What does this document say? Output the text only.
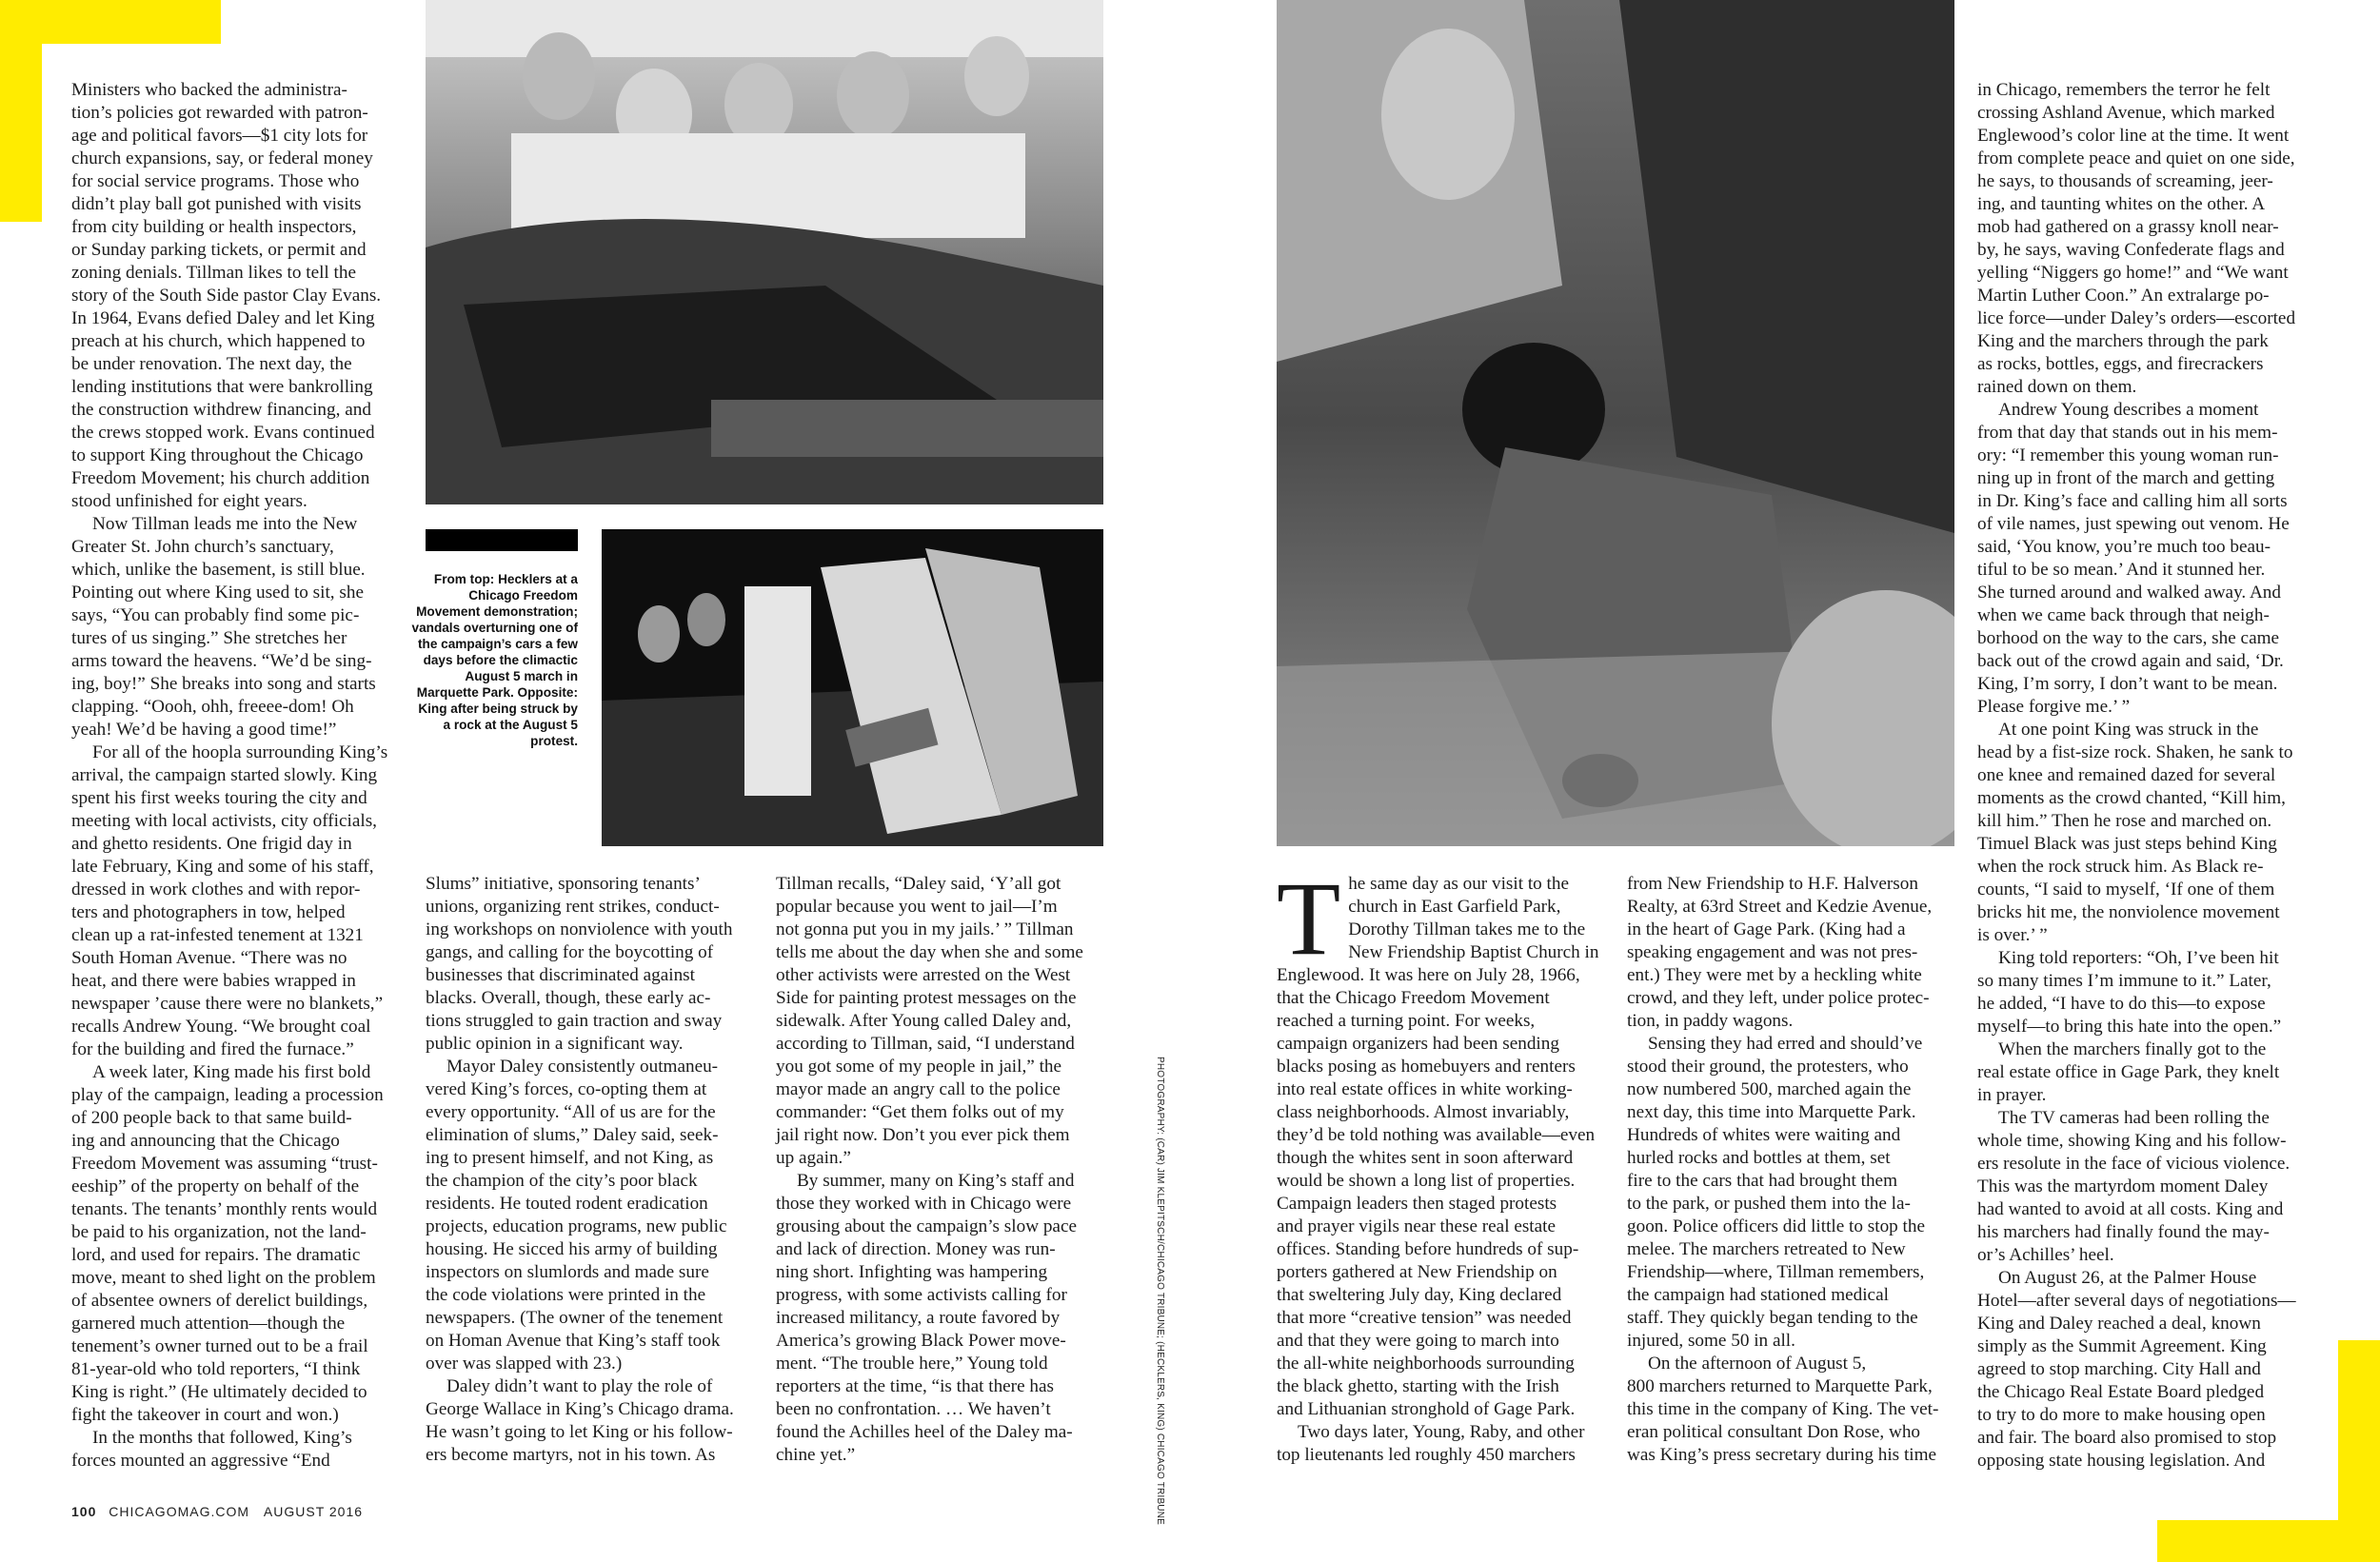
From top: Hecklers at a Chicago Freedom Movement demonstration; vandals overturning one of the campaign’s cars a few days before the climactic August 5 march in Marquette Park. Opposite: King after being struck by a rock at the August 5 protest.
PHOTOGRAPHY: (CAR) JIM KLEPITSCH/CHICAGO TRIBUNE; (HECKLERS, KING) CHICAGO TRIBUNE

Ministers who backed the administra-
tion’s policies got rewarded with patron-
age and political favors—$1 city lots for
church expansions, say, or federal money
for social service programs. Those who
didn’t play ball got punished with visits
from city building or health inspectors,
or Sunday parking tickets, or permit and
zoning denials. Tillman likes to tell the
story of the South Side pastor Clay Evans.
In 1964, Evans defied Daley and let King
preach at his church, which happened to
be under renovation. The next day, the
lending institutions that were bankrolling
the construction withdrew financing, and
the crews stopped work. Evans continued
to support King throughout the Chicago
Freedom Movement; his church addition
stood unfinished for eight years.

Now Tillman leads me into the New
Greater St. John church’s sanctuary,
which, unlike the basement, is still blue.
Pointing out where King used to sit, she
says, “You can probably find some pic-
tures of us singing.” She stretches her
arms toward the heavens. “We’d be sing-
ing, boy!” She breaks into song and starts
clapping. “Oooh, ohh, freeee-dom! Oh
yeah! We’d be having a good time!”

For all of the hoopla surrounding King’s
arrival, the campaign started slowly. King
spent his first weeks touring the city and
meeting with local activists, city officials,
and ghetto residents. One frigid day in
late February, King and some of his staff,
dressed in work clothes and with repor-
ters and photographers in tow, helped
clean up a rat-infested tenement at 1321
South Homan Avenue. “There was no
heat, and there were babies wrapped in
newspaper ’cause there were no blankets,”
recalls Andrew Young. “We brought coal
for the building and fired the furnace.”

A week later, King made his first bold
play of the campaign, leading a procession
of 200 people back to that same build-
ing and announcing that the Chicago
Freedom Movement was assuming “trust-
eeship” of the property on behalf of the
tenants. The tenants’ monthly rents would
be paid to his organization, not the land-
lord, and used for repairs. The dramatic
move, meant to shed light on the problem
of absentee owners of derelict buildings,
garnered much attention—though the
tenement’s owner turned out to be a frail
81-year-old who told reporters, “I think
King is right.” (He ultimately decided to
fight the takeover in court and won.)

In the months that followed, King’s
forces mounted an aggressive “End

Slums” initiative, sponsoring tenants’
unions, organizing rent strikes, conduct-
ing workshops on nonviolence with youth
gangs, and calling for the boycotting of
businesses that discriminated against
blacks. Overall, though, these early ac-
tions struggled to gain traction and sway
public opinion in a significant way.

Mayor Daley consistently outmaneu-
vered King’s forces, co-opting them at
every opportunity. “All of us are for the
elimination of slums,” Daley said, seek-
ing to present himself, and not King, as
the champion of the city’s poor black
residents. He touted rodent eradication
projects, education programs, new public
housing. He sicced his army of building
inspectors on slumlords and made sure
the code violations were printed in the
newspapers. (The owner of the tenement
on Homan Avenue that King’s staff took
over was slapped with 23.)

Daley didn’t want to play the role of
George Wallace in King’s Chicago drama.
He wasn’t going to let King or his follow-
ers become martyrs, not in his town. As

Tillman recalls, “Daley said, ‘Y’all got
popular because you went to jail—I’m
not gonna put you in my jails.’ ” Tillman
tells me about the day when she and some
other activists were arrested on the West
Side for painting protest messages on the
sidewalk. After Young called Daley and,
according to Tillman, said, “I understand
you got some of my people in jail,” the
mayor made an angry call to the police
commander: “Get them folks out of my
jail right now. Don’t you ever pick them
up again.”

By summer, many on King’s staff and
those they worked with in Chicago were
grousing about the campaign’s slow pace
and lack of direction. Money was run-
ning short. Infighting was hampering
progress, with some activists calling for
increased militancy, a route favored by
America’s growing Black Power move-
ment. “The trouble here,” Young told
reporters at the time, “is that there has
been no confrontation. … We haven’t
found the Achilles heel of the Daley ma-
chine yet.”

T he same day as our visit to the
church in East Garfield Park,
Dorothy Tillman takes me to the
New Friendship Baptist Church in
Englewood. It was here on July 28, 1966,
that the Chicago Freedom Movement
reached a turning point. For weeks,
campaign organizers had been sending
blacks posing as homebuyers and renters
into real estate offices in white working-
class neighborhoods. Almost invariably,
they’d be told nothing was available—even
though the whites sent in soon afterward
would be shown a long list of properties.
Campaign leaders then staged protests
and prayer vigils near these real estate
offices. Standing before hundreds of sup-
porters gathered at New Friendship on
that sweltering July day, King declared
that more “creative tension” was needed
and that they were going to march into
the all-white neighborhoods surrounding
the black ghetto, starting with the Irish
and Lithuanian stronghold of Gage Park.

Two days later, Young, Raby, and other
top lieutenants led roughly 450 marchers

from New Friendship to H.F. Halverson
Realty, at 63rd Street and Kedzie Avenue,
in the heart of Gage Park. (King had a
speaking engagement and was not pres-
ent.) They were met by a heckling white
crowd, and they left, under police protec-
tion, in paddy wagons.

Sensing they had erred and should’ve
stood their ground, the protesters, who
now numbered 500, marched again the
next day, this time into Marquette Park.
Hundreds of whites were waiting and
hurled rocks and bottles at them, set
fire to the cars that had brought them
to the park, or pushed them into the la-
goon. Police officers did little to stop the
melee. The marchers retreated to New
Friendship—where, Tillman remembers,
the campaign had stationed medical
staff. They quickly began tending to the
injured, some 50 in all.

On the afternoon of August 5,
800 marchers returned to Marquette Park,
this time in the company of King. The vet-
eran political consultant Don Rose, who
was King’s press secretary during his time

in Chicago, remembers the terror he felt
crossing Ashland Avenue, which marked
Englewood’s color line at the time. It went
from complete peace and quiet on one side,
he says, to thousands of screaming, jeer-
ing, and taunting whites on the other. A
mob had gathered on a grassy knoll near-
by, he says, waving Confederate flags and
yelling “Niggers go home!” and “We want
Martin Luther Coon.” An extralarge po-
lice force—under Daley’s orders—escorted
King and the marchers through the park
as rocks, bottles, eggs, and firecrackers
rained down on them.

Andrew Young describes a moment
from that day that stands out in his mem-
ory: “I remember this young woman run-
ning up in front of the march and getting
in Dr. King’s face and calling him all sorts
of vile names, just spewing out venom. He
said, ‘You know, you’re much too beau-
tiful to be so mean.’ And it stunned her.
She turned around and walked away. And
when we came back through that neigh-
borhood on the way to the cars, she came
back out of the crowd again and said, ‘Dr.
King, I’m sorry, I don’t want to be mean.
Please forgive me.’ ”

At one point King was struck in the
head by a fist-size rock. Shaken, he sank to
one knee and remained dazed for several
moments as the crowd chanted, “Kill him,
kill him.” Then he rose and marched on.
Timuel Black was just steps behind King
when the rock struck him. As Black re-
counts, “I said to myself, ‘If one of them
bricks hit me, the nonviolence movement
is over.’ ”

King told reporters: “Oh, I’ve been hit
so many times I’m immune to it.” Later,
he added, “I have to do this—to expose
myself—to bring this hate into the open.”

When the marchers finally got to the
real estate office in Gage Park, they knelt
in prayer.

The TV cameras had been rolling the
whole time, showing King and his follow-
ers resolute in the face of vicious violence.
This was the martyrdom moment Daley
had wanted to avoid at all costs. King and
his marchers had finally found the may-
or’s Achilles’ heel.

On August 26, at the Palmer House
Hotel—after several days of negotiations—
King and Daley reached a deal, known
simply as the Summit Agreement. King
agreed to stop marching. City Hall and
the Chicago Real Estate Board pledged
to try to do more to make housing open
and fair. The board also promised to stop
opposing state housing legislation. And

100 CHICAGOMAG.COM AUGUST 2016
